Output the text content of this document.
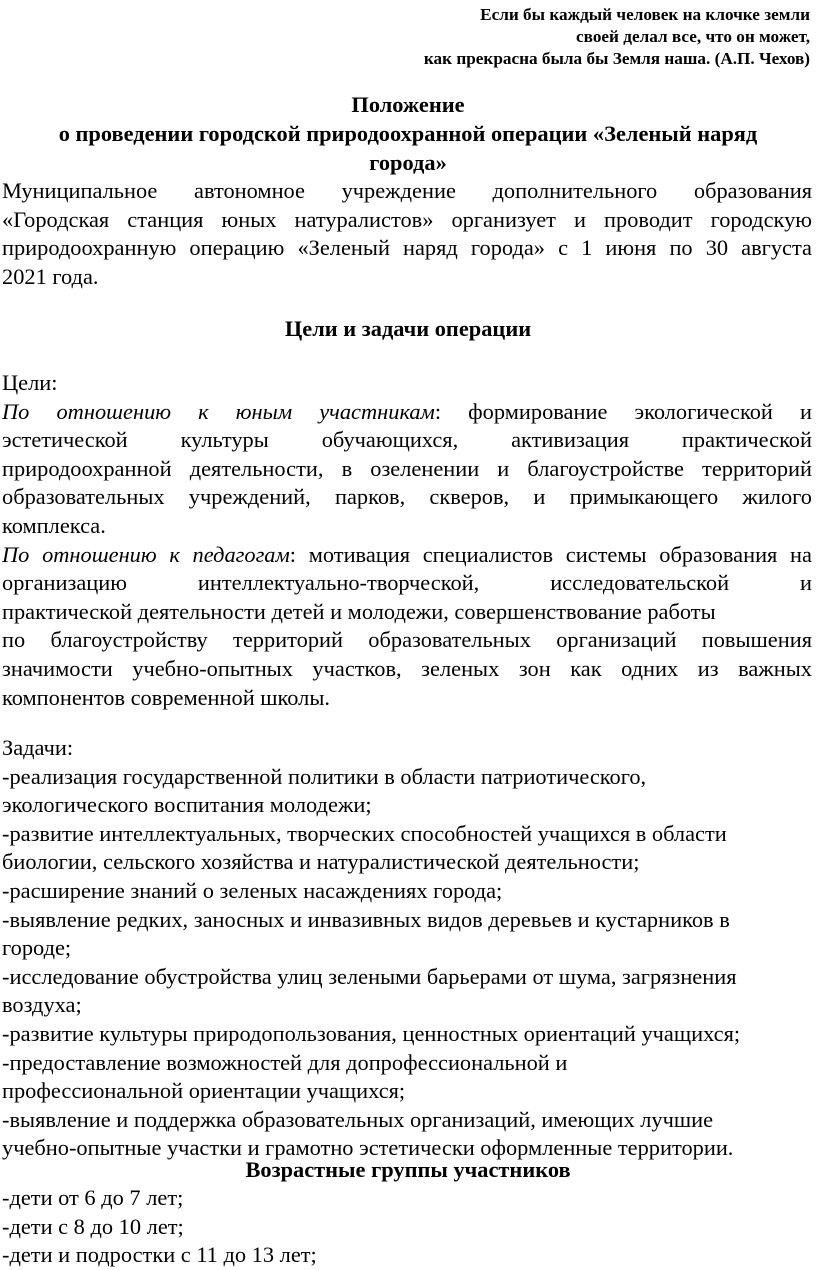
Если бы каждый человек на клочке земли
своей делал все, что он может,
как прекрасна была бы Земля наша. (А.П. Чехов)
Положение
о проведении городской природоохранной операции «Зеленый наряд
города»
Муниципальное автономное учреждение дополнительного образования
«Городская станция юных натуралистов» организует и проводит городскую
природоохранную операцию «Зеленый наряд города» с 1 июня по 30 августа
2021 года.
Цели и задачи операции
Цели:
По отношению к юным участникам: формирование экологической и
эстетической культуры обучающихся, активизация практической
природоохранной деятельности, в озеленении и благоустройстве территорий
образовательных учреждений, парков, скверов, и примыкающего жилого
комплекса.
По отношению к педагогам: мотивация специалистов системы образования на
организацию интеллектуально-творческой, исследовательской и
практической деятельности детей и молодежи, совершенствование работы
по благоустройству территорий образовательных организаций повышения
значимости учебно-опытных участков, зеленых зон как одних из важных
компонентов современной школы.
Задачи:
-реализация государственной политики в области патриотического,
экологического воспитания молодежи;
-развитие интеллектуальных, творческих способностей учащихся в области
биологии, сельского хозяйства и натуралистической деятельности;
-расширение знаний о зеленых насаждениях города;
-выявление редких, заносных и инвазивных видов деревьев и кустарников в
городе;
-исследование обустройства улиц зелеными барьерами от шума, загрязнения
воздуха;
-развитие культуры природопользования, ценностных ориентаций учащихся;
-предоставление возможностей для допрофессиональной и
профессиональной ориентации учащихся;
-выявление и поддержка образовательных организаций, имеющих лучшие
учебно-опытные участки и грамотно эстетически оформленные территории.
Возрастные группы участников
-дети от 6 до 7 лет;
-дети с 8 до 10 лет;
-дети и подростки с 11 до 13 лет;
